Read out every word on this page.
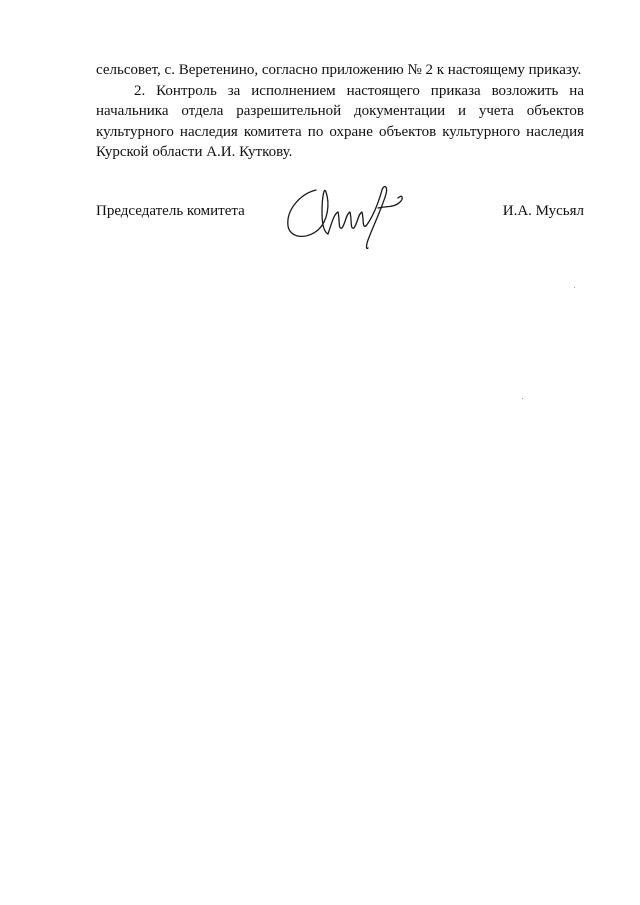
сельсовет, с. Веретенино, согласно приложению № 2 к настоящему приказу.

2. Контроль за исполнением настоящего приказа возложить на начальника отдела разрешительной документации и учета объектов культурного наследия комитета по охране объектов культурного наследия Курской области А.И. Куткову.

Председатель комитета	И.А. Мусьял
